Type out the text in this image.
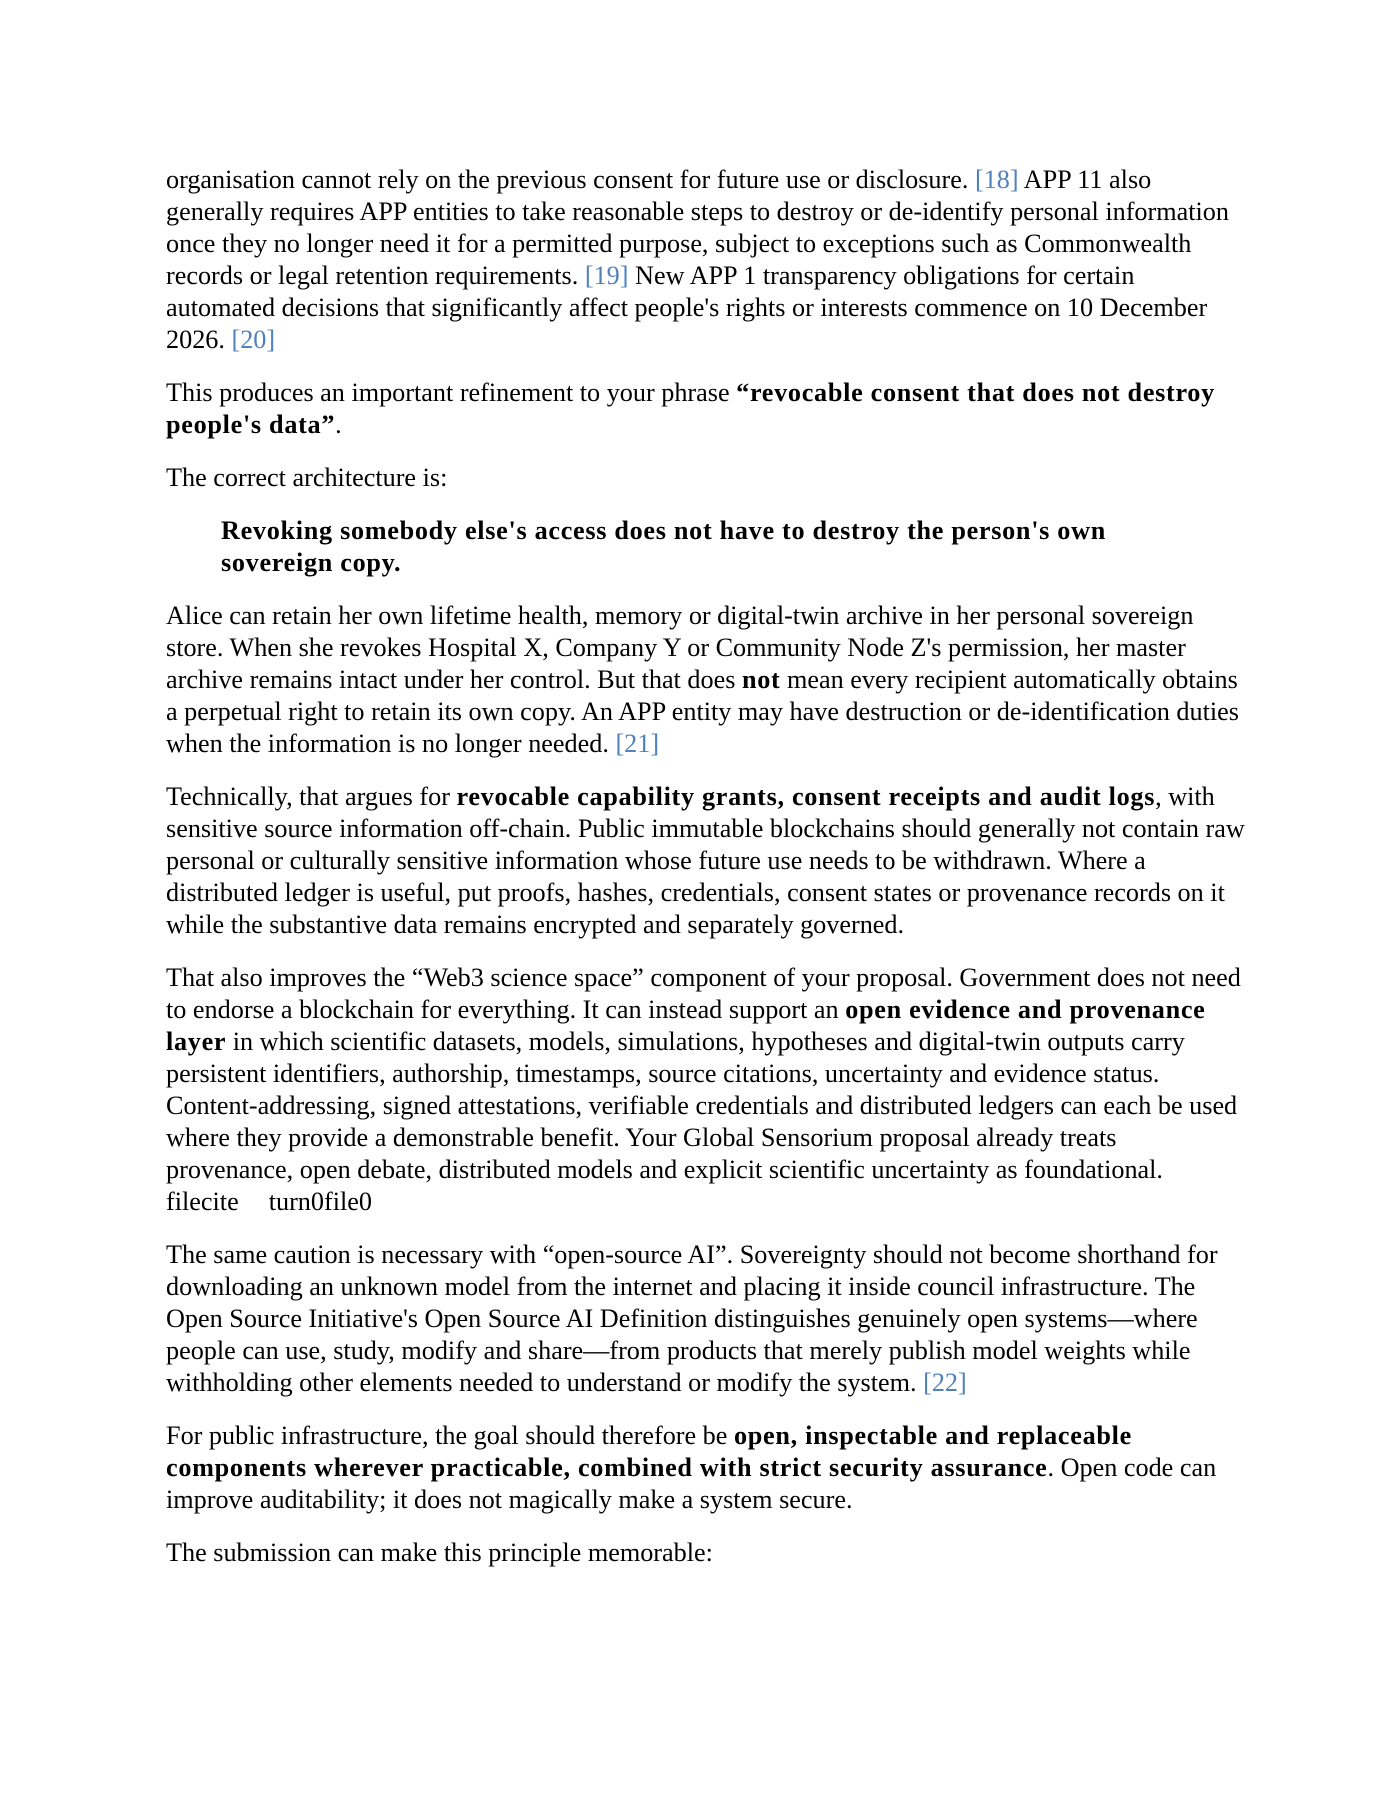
organisation cannot rely on the previous consent for future use or disclosure. [18] APP 11 also generally requires APP entities to take reasonable steps to destroy or de-identify personal information once they no longer need it for a permitted purpose, subject to exceptions such as Commonwealth records or legal retention requirements. [19] New APP 1 transparency obligations for certain automated decisions that significantly affect people's rights or interests commence on 10 December 2026. [20]

This produces an important refinement to your phrase “revocable consent that does not destroy people's data”.

The correct architecture is:

Revoking somebody else's access does not have to destroy the person's own sovereign copy.

Alice can retain her own lifetime health, memory or digital-twin archive in her personal sovereign store. When she revokes Hospital X, Company Y or Community Node Z's permission, her master archive remains intact under her control. But that does not mean every recipient automatically obtains a perpetual right to retain its own copy. An APP entity may have destruction or de-identification duties when the information is no longer needed. [21]

Technically, that argues for revocable capability grants, consent receipts and audit logs, with sensitive source information off-chain. Public immutable blockchains should generally not contain raw personal or culturally sensitive information whose future use needs to be withdrawn. Where a distributed ledger is useful, put proofs, hashes, credentials, consent states or provenance records on it while the substantive data remains encrypted and separately governed.

That also improves the “Web3 science space” component of your proposal. Government does not need to endorse a blockchain for everything. It can instead support an open evidence and provenance layer in which scientific datasets, models, simulations, hypotheses and digital-twin outputs carry persistent identifiers, authorship, timestamps, source citations, uncertainty and evidence status. Content-addressing, signed attestations, verifiable credentials and distributed ledgers can each be used where they provide a demonstrable benefit. Your Global Sensorium proposal already treats provenance, open debate, distributed models and explicit scientific uncertainty as foundational.filecite turn0file0

The same caution is necessary with “open-source AI”. Sovereignty should not become shorthand for downloading an unknown model from the internet and placing it inside council infrastructure. The Open Source Initiative's Open Source AI Definition distinguishes genuinely open systems—where people can use, study, modify and share—from products that merely publish model weights while withholding other elements needed to understand or modify the system. [22]

For public infrastructure, the goal should therefore be open, inspectable and replaceable components wherever practicable, combined with strict security assurance. Open code can improve auditability; it does not magically make a system secure.

The submission can make this principle memorable:
